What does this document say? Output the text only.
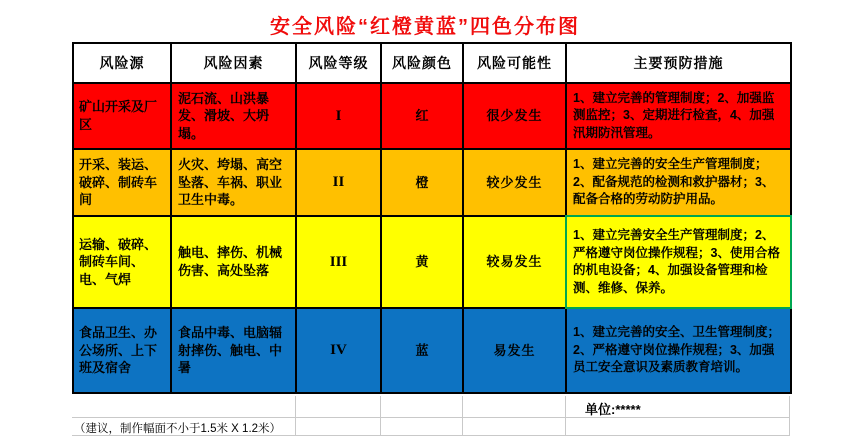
安全风险“红橙黄蓝”四色分布图
风险源	风险因素	风险等级	风险颜色	风险可能性	主要预防措施
矿山开采及厂区	泥石流、山洪暴发、滑坡、大坍塌。	I	红	很少发生	1、建立完善的管理制度；2、加强监测监控；3、定期进行检查，4、加强汛期防汛管理。
开采、装运、破碎、制砖车间	火灾、垮塌、高空坠落、车祸、职业卫生中毒。	II	橙	较少发生	1、建立完善的安全生产管理制度；2、配备规范的检测和救护器材；3、配备合格的劳动防护用品。
运输、破碎、制砖车间、电、气焊	触电、摔伤、机械伤害、高处坠落	III	黄	较易发生	1、建立完善安全生产管理制度；2、严格遵守岗位操作规程；3、使用合格的机电设备；4、加强设备管理和检测、维修、保养。
食品卫生、办公场所、上下班及宿舍	食品中毒、电脑辐射摔伤、触电、中暑	IV	蓝	易发生	1、建立完善的安全、卫生管理制度；2、严格遵守岗位操作规程；3、加强员工安全意识及素质教育培训。
单位:*****
（建议，制作幅面不小于1.5米 X 1.2米）
